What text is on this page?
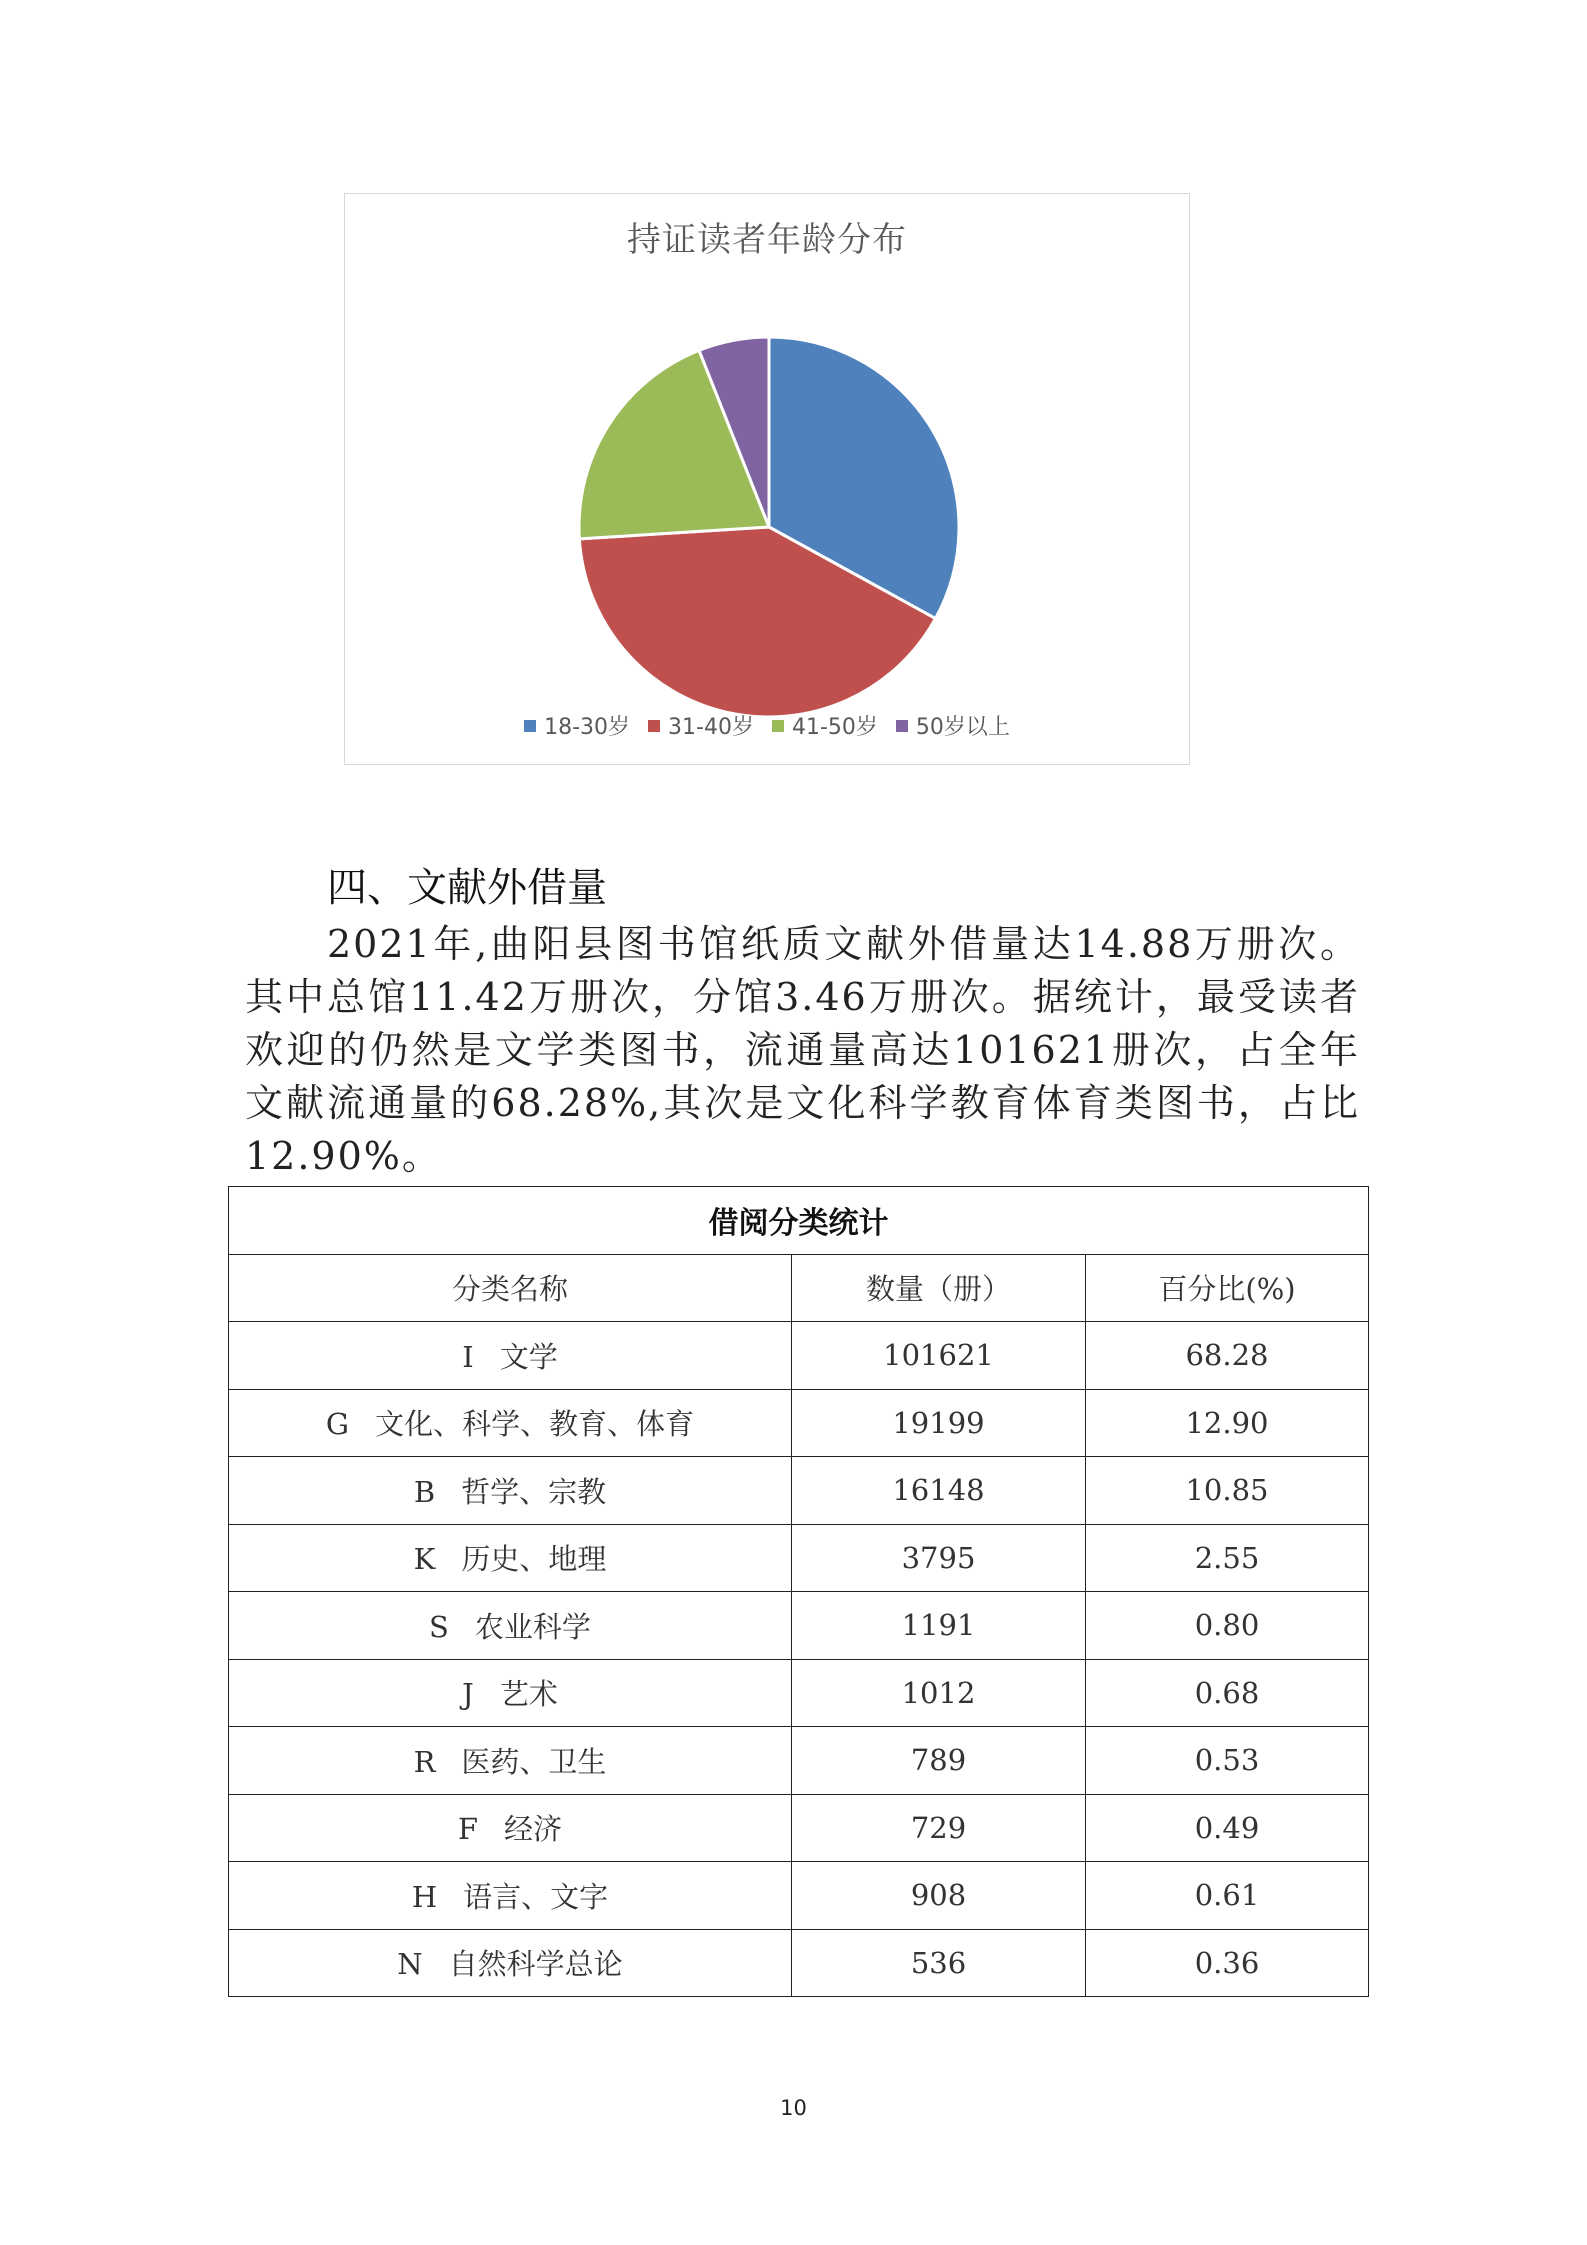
持证读者年龄分布
18-30岁 31-40岁 41-50岁 50岁以上
四、文献外借量
2021年,曲阳县图书馆纸质文献外借量达14.88万册次。其中总馆11.42万册次，分馆3.46万册次。据统计，最受读者欢迎的仍然是文学类图书，流通量高达101621册次，占全年文献流通量的68.28%,其次是文化科学教育体育类图书，占比12.90%。
借阅分类统计		
分类名称	数量（册）	百分比(%)
I 文学	101621	68.28
G 文化、科学、教育、体育	19199	12.90
B 哲学、宗教	16148	10.85
K 历史、地理	3795	2.55
S 农业科学	1191	0.80
J 艺术	1012	0.68
R 医药、卫生	789	0.53
F 经济	729	0.49
H 语言、文字	908	0.61
N 自然科学总论	536	0.36
10
